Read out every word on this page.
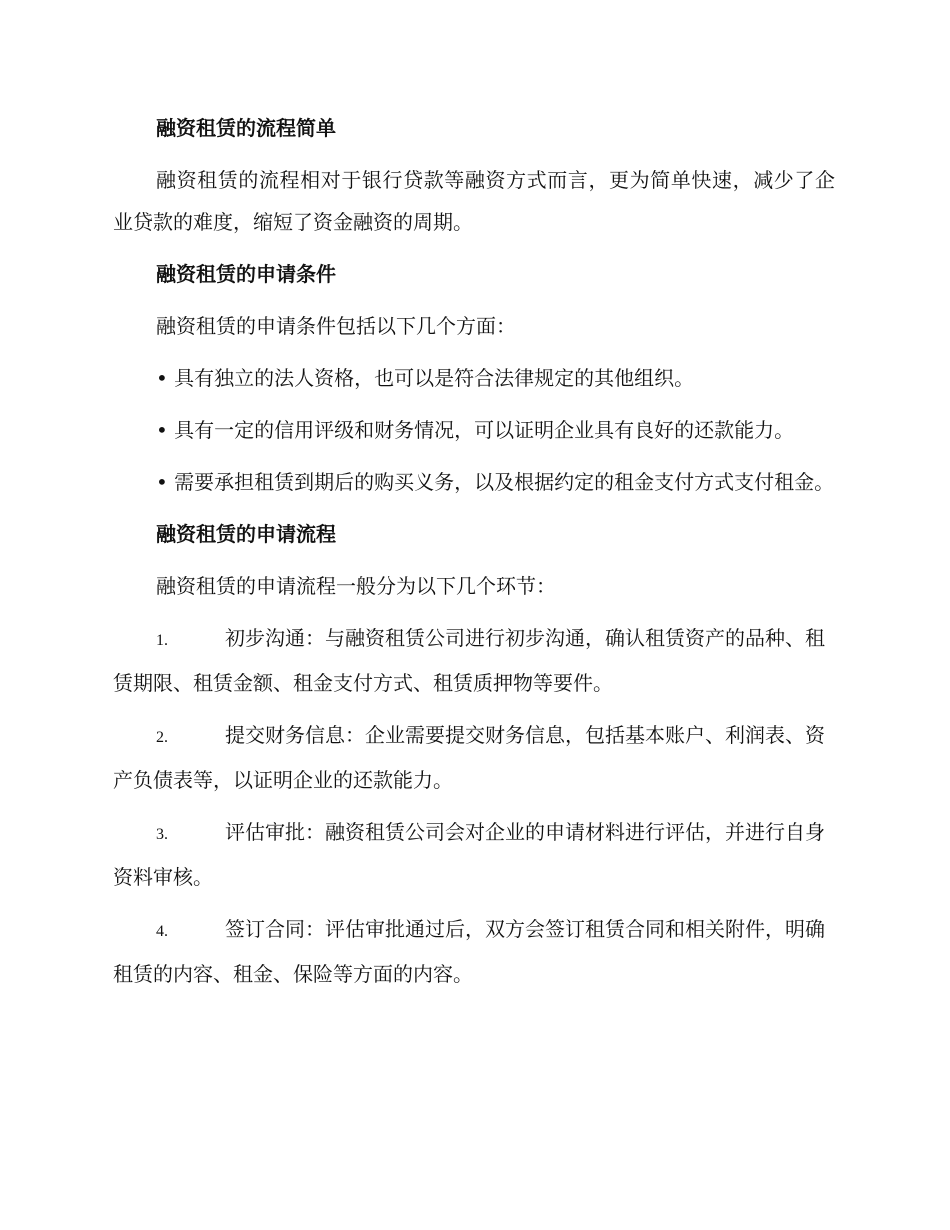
融资租赁的流程简单
融资租赁的流程相对于银行贷款等融资方式而言，更为简单快速，减少了企业贷款的难度，缩短了资金融资的周期。
融资租赁的申请条件
融资租赁的申请条件包括以下几个方面：
• 具有独立的法人资格，也可以是符合法律规定的其他组织。
• 具有一定的信用评级和财务情况，可以证明企业具有良好的还款能力。
• 需要承担租赁到期后的购买义务，以及根据约定的租金支付方式支付租金。
融资租赁的申请流程
融资租赁的申请流程一般分为以下几个环节：
1.	初步沟通：与融资租赁公司进行初步沟通，确认租赁资产的品种、租赁期限、租赁金额、租金支付方式、租赁质押物等要件。
2.	提交财务信息：企业需要提交财务信息，包括基本账户、利润表、资产负债表等，以证明企业的还款能力。
3.	评估审批：融资租赁公司会对企业的申请材料进行评估，并进行自身资料审核。
4.	签订合同：评估审批通过后，双方会签订租赁合同和相关附件，明确租赁的内容、租金、保险等方面的内容。
